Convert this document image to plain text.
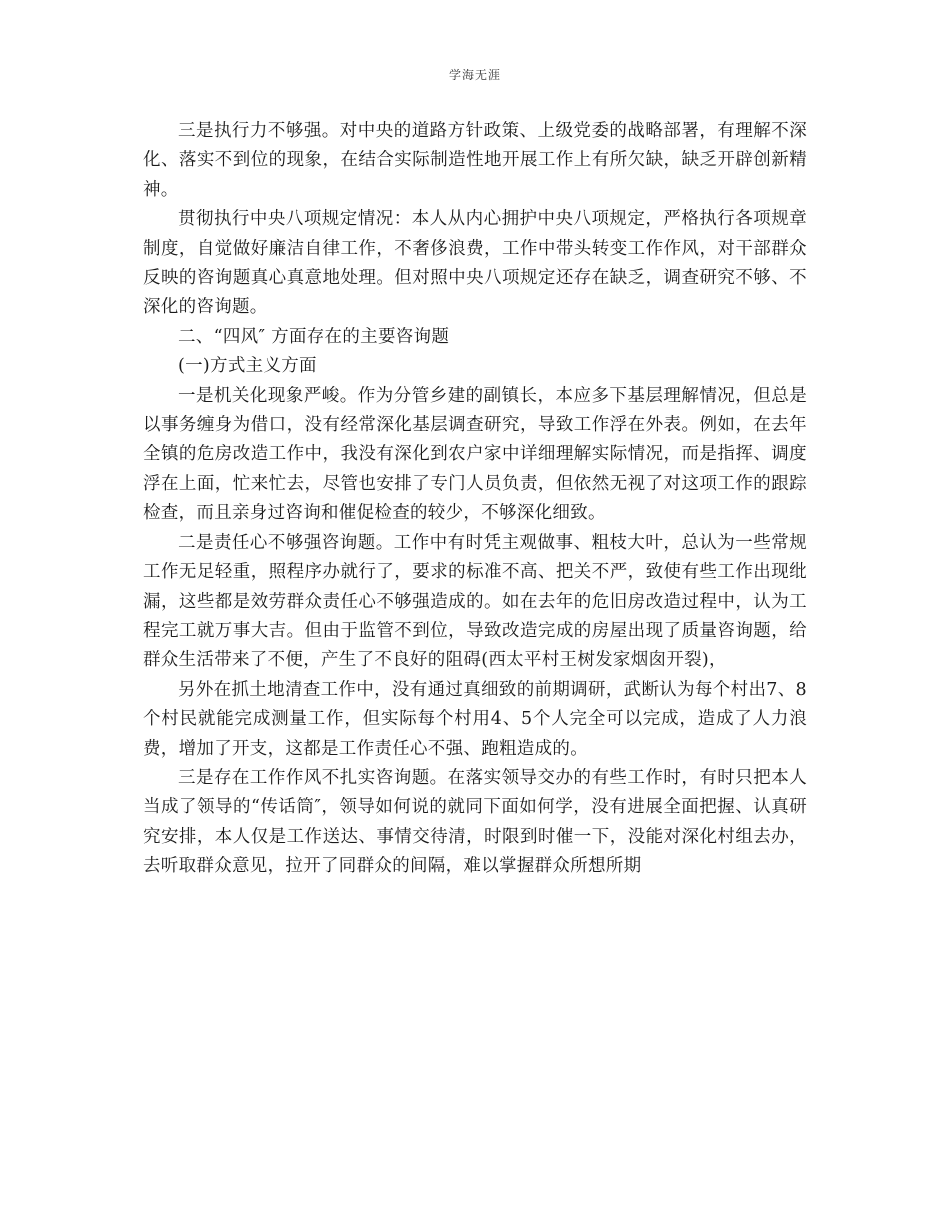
学海无涯

三是执行力不够强。对中央的道路方针政策、上级党委的战略部署，有理解不深化、落实不到位的现象，在结合实际制造性地开展工作上有所欠缺，缺乏开辟创新精神。

贯彻执行中央八项规定情况：本人从内心拥护中央八项规定，严格执行各项规章制度，自觉做好廉洁自律工作，不奢侈浪费，工作中带头转变工作作风，对干部群众反映的咨询题真心真意地处理。但对照中央八项规定还存在缺乏，调查研究不够、不深化的咨询题。

二、“四风″ 方面存在的主要咨询题

(一)方式主义方面

一是机关化现象严峻。作为分管乡建的副镇长，本应多下基层理解情况，但总是以事务缠身为借口，没有经常深化基层调查研究，导致工作浮在外表。例如，在去年全镇的危房改造工作中，我没有深化到农户家中详细理解实际情况，而是指挥、调度浮在上面，忙来忙去，尽管也安排了专门人员负责，但依然无视了对这项工作的跟踪检查，而且亲身过咨询和催促检查的较少，不够深化细致。

二是责任心不够强咨询题。工作中有时凭主观做事、粗枝大叶，总认为一些常规工作无足轻重，照程序办就行了，要求的标准不高、把关不严，致使有些工作出现纰漏，这些都是效劳群众责任心不够强造成的。如在去年的危旧房改造过程中，认为工程完工就万事大吉。但由于监管不到位，导致改造完成的房屋出现了质量咨询题，给群众生活带来了不便，产生了不良好的阻碍(西太平村王树发家烟囱开裂)，

另外在抓土地清查工作中，没有通过真细致的前期调研，武断认为每个村出7、8个村民就能完成测量工作，但实际每个村用4、5个人完全可以完成，造成了人力浪费，增加了开支，这都是工作责任心不强、跑粗造成的。

三是存在工作作风不扎实咨询题。在落实领导交办的有些工作时，有时只把本人当成了领导的“传话筒″，领导如何说的就同下面如何学，没有进展全面把握、认真研究安排，本人仅是工作送达、事情交待清，时限到时催一下，没能对深化村组去办，去听取群众意见，拉开了同群众的间隔，难以掌握群众所想所期
